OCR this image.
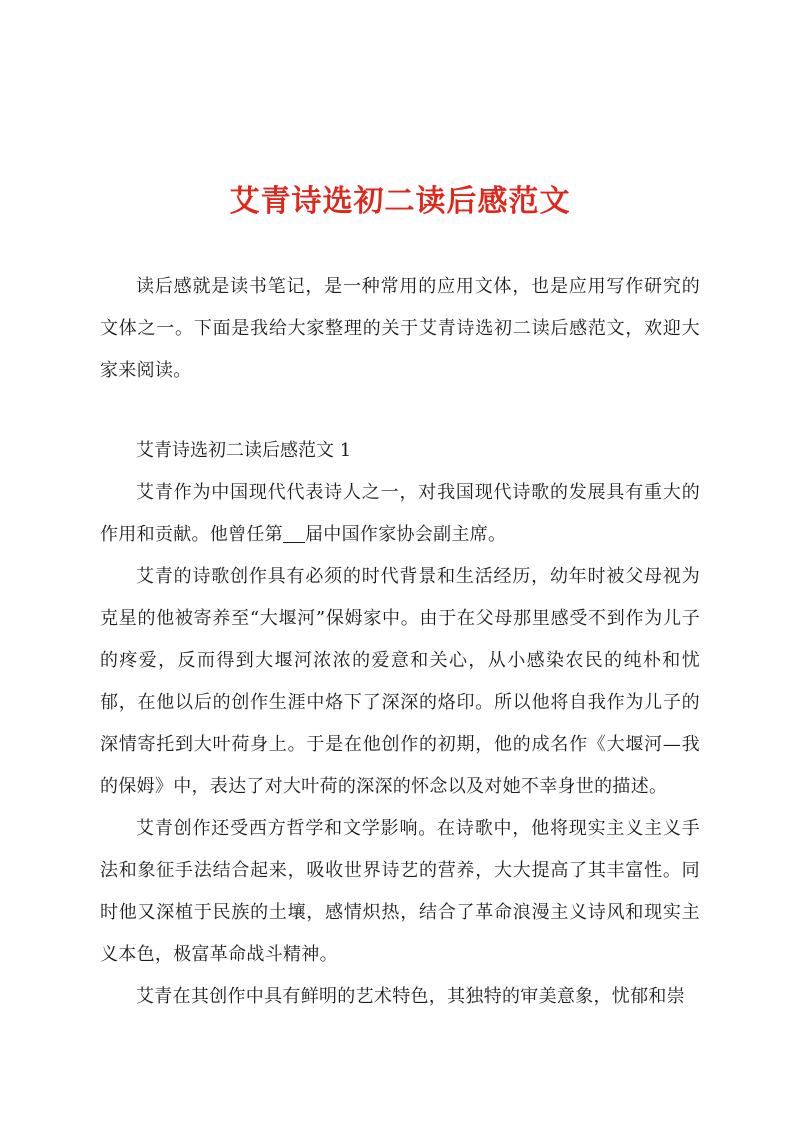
艾青诗选初二读后感范文

读后感就是读书笔记，是一种常用的应用文体，也是应用写作研究的文体之一。下面是我给大家整理的关于艾青诗选初二读后感范文，欢迎大家来阅读。

艾青诗选初二读后感范文 1

艾青作为中国现代代表诗人之一，对我国现代诗歌的发展具有重大的作用和贡献。他曾任第 届中国作家协会副主席。

艾青的诗歌创作具有必须的时代背景和生活经历，幼年时被父母视为克星的他被寄养至“大堰河”保姆家中。由于在父母那里感受不到作为儿子的疼爱，反而得到大堰河浓浓的爱意和关心，从小感染农民的纯朴和忧郁，在他以后的创作生涯中烙下了深深的烙印。所以他将自我作为儿子的深情寄托到大叶荷身上。于是在他创作的初期，他的成名作《大堰河—我的保姆》中，表达了对大叶荷的深深的怀念以及对她不幸身世的描述。

艾青创作还受西方哲学和文学影响。在诗歌中，他将现实主义主义手法和象征手法结合起来，吸收世界诗艺的营养，大大提高了其丰富性。同时他又深植于民族的土壤，感情炽热，结合了革命浪漫主义诗风和现实主义本色，极富革命战斗精神。

艾青在其创作中具有鲜明的艺术特色，其独特的审美意象，忧郁和崇
